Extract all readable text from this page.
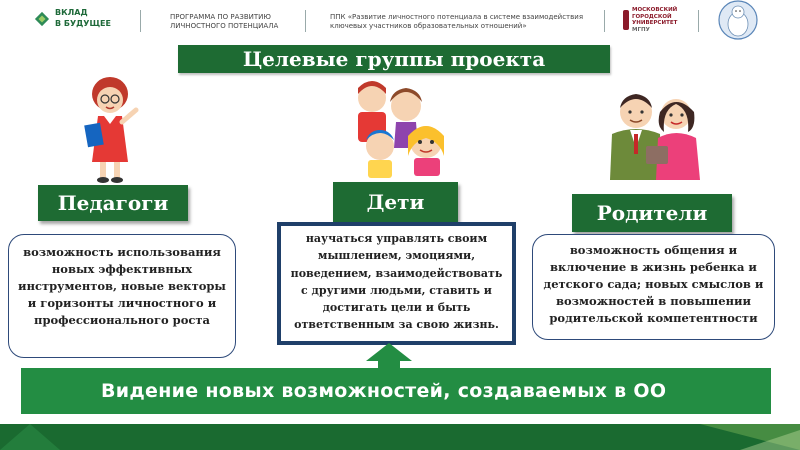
ВКЛАД
В БУДУЩЕЕ
ПРОГРАММА ПО РАЗВИТИЮ
ЛИЧНОСТНОГО ПОТЕНЦИАЛА
ППК «Развитие личностного потенциала в системе взаимодействия
ключевых участников образовательных отношений»
МОСКОВСКИЙ
ГОРОДСКОЙ
УНИВЕРСИТЕТ
МГПУ
Целевые группы проекта
Педагоги	Дети	Родители
возможность использования новых эффективных инструментов, новые векторы и горизонты личностного и профессионального роста
научаться управлять своим мышлением, эмоциями, поведением, взаимодействовать с другими людьми, ставить и достигать цели и быть ответственным за свою жизнь.
возможность общения и включение в жизнь ребенка и детского сада; новых смыслов и возможностей в повышении родительской компетентности
Видение новых возможностей, создаваемых в ОО
